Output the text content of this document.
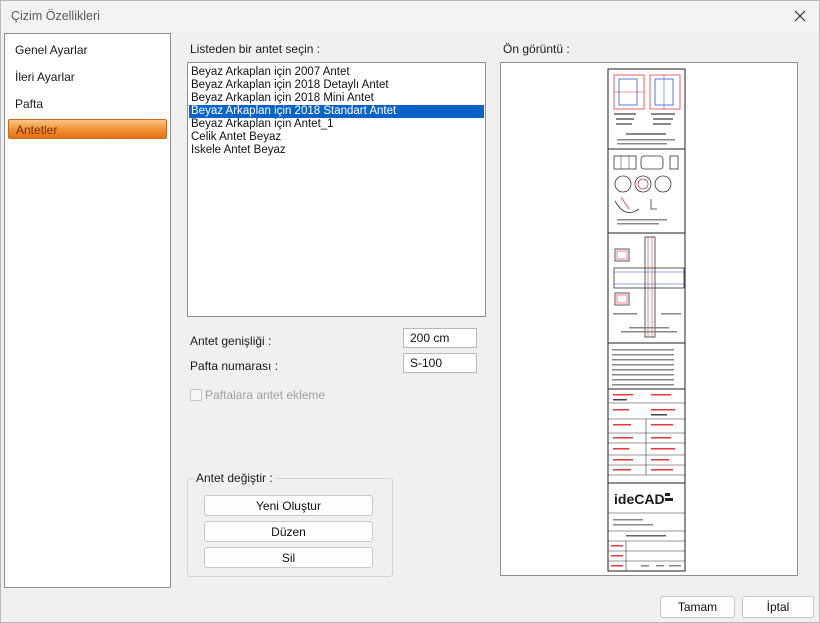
Çizim Özellikleri
Genel Ayarlar
İleri Ayarlar
Pafta
Antetler
Listeden bir antet seçin :
Beyaz Arkaplan için 2007 Antet
Beyaz Arkaplan için 2018 Detaylı Antet
Beyaz Arkaplan için 2018 Mini Antet
Beyaz Arkaplan için 2018 Standart Antet
Beyaz Arkaplan için Antet_1
Celik Antet Beyaz
Iskele Antet Beyaz
Antet genişliği :	200 cm
Pafta numarası :	S-100
Paftalara antet ekleme
Antet değiştir :
Yeni Oluştur
Düzen
Sil
Ön görüntü :
ideCAD
Tamam	İptal
